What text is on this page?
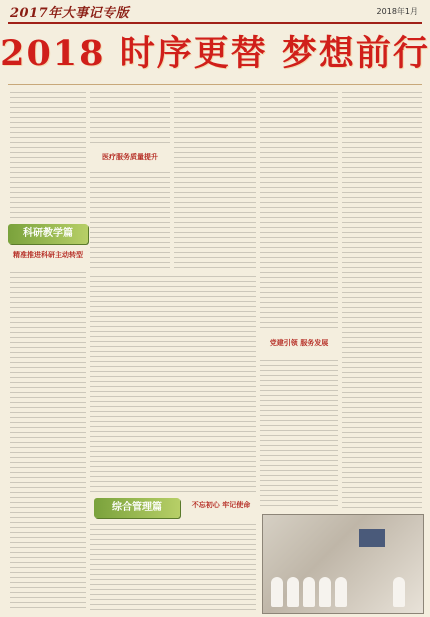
2017年大事记专版	2018年1月
2018 时序更替 梦想前行
科研教学篇
精准推进科研主动转型
医疗服务质量提升
综合管理篇	不忘初心 牢记使命
党建引领 服务发展
